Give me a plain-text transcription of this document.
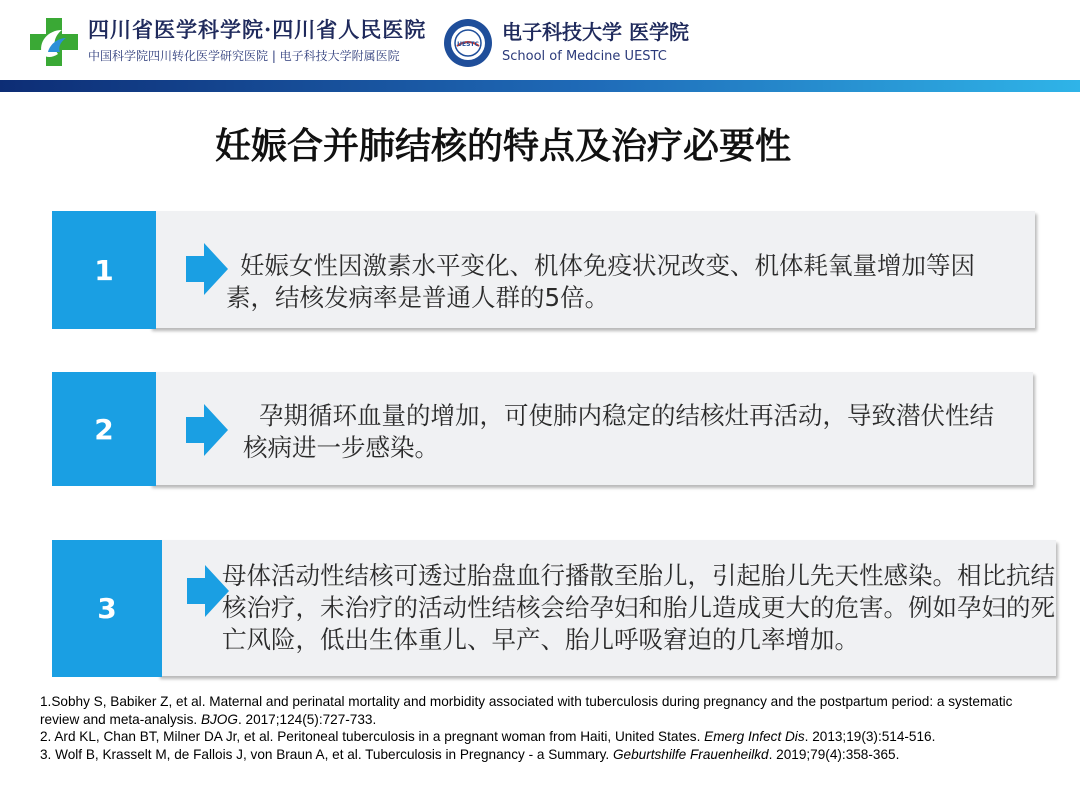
四川省医学科学院·四川省人民医院
中国科学院四川转化医学研究医院 | 电子科技大学附属医院
UESTC
电子科技大学 医学院
School of Medcine UESTC
妊娠合并肺结核的特点及治疗必要性
1	妊娠女性因激素水平变化、机体免疫状况改变、机体耗氧量增加等因素，结核发病率是普通人群的5倍。
2	孕期循环血量的增加，可使肺内稳定的结核灶再活动，导致潜伏性结核病进一步感染。
3
母体活动性结核可透过胎盘血行播散至胎儿，引起胎儿先天性感染。相比抗结核治疗，未治疗的活动性结核会给孕妇和胎儿造成更大的危害。例如孕妇的死亡风险，低出生体重儿、早产、胎儿呼吸窘迫的几率增加。

1.Sobhy S, Babiker Z, et al. Maternal and perinatal mortality and morbidity associated with tuberculosis during pregnancy and the postpartum period: a systematic review and meta-analysis. BJOG. 2017;124(5):727-733.

2. Ard KL, Chan BT, Milner DA Jr, et al. Peritoneal tuberculosis in a pregnant woman from Haiti, United States. Emerg Infect Dis. 2013;19(3):514-516.

3. Wolf B, Krasselt M, de Fallois J, von Braun A, et al. Tuberculosis in Pregnancy - a Summary. Geburtshilfe Frauenheilkd. 2019;79(4):358-365.
